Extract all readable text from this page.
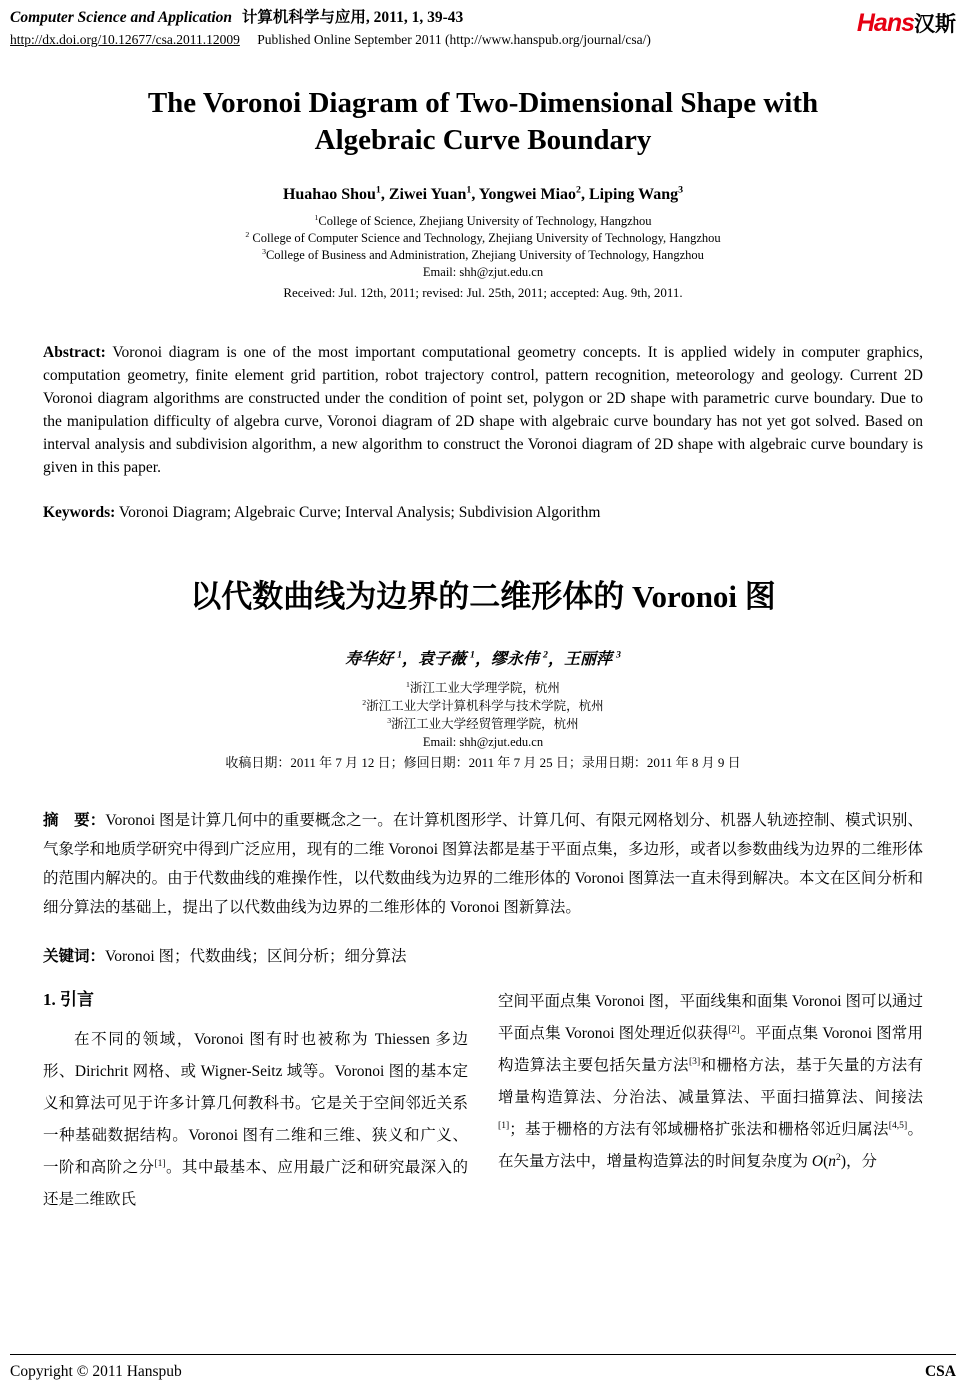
Computer Science and Application 计算机科学与应用, 2011, 1, 39-43
http://dx.doi.org/10.12677/csa.2011.12009 Published Online September 2011 (http://www.hanspub.org/journal/csa/)
Hans汉斯
The Voronoi Diagram of Two-Dimensional Shape with
Algebraic Curve Boundary
Huahao Shou$^1$, Ziwei Yuan$^1$, Yongwei Miao$^2$, Liping Wang$^3$
$^1$College of Science, Zhejiang University of Technology, Hangzhou
$^2$ College of Computer Science and Technology, Zhejiang University of Technology, Hangzhou
$^3$College of Business and Administration, Zhejiang University of Technology, Hangzhou
Email: shh@zjut.edu.cn
Received: Jul. 12th, 2011; revised: Jul. 25th, 2011; accepted: Aug. 9th, 2011.
Abstract: Voronoi diagram is one of the most important computational geometry concepts. It is applied widely in computer graphics, computation geometry, finite element grid partition, robot trajectory control, pattern recognition, meteorology and geology. Current 2D Voronoi diagram algorithms are constructed under the condition of point set, polygon or 2D shape with parametric curve boundary. Due to the manipulation difficulty of algebra curve, Voronoi diagram of 2D shape with algebraic curve boundary has not yet got solved. Based on interval analysis and subdivision algorithm, a new algorithm to construct the Voronoi diagram of 2D shape with algebraic curve boundary is given in this paper.
Keywords: Voronoi Diagram; Algebraic Curve; Interval Analysis; Subdivision Algorithm
以代数曲线为边界的二维形体的 Voronoi 图
寿华好 $^1$，袁子薇 $^1$，缪永伟 $^2$，王丽萍 $^3$
$^1$浙江工业大学理学院，杭州
$^2$浙江工业大学计算机科学与技术学院，杭州
$^3$浙江工业大学经贸管理学院，杭州
Email: shh@zjut.edu.cn
收稿日期：2011 年 7 月 12 日；修回日期：2011 年 7 月 25 日；录用日期：2011 年 8 月 9 日
摘　要：Voronoi 图是计算几何中的重要概念之一。在计算机图形学、计算几何、有限元网格划分、机器人轨迹控制、模式识别、气象学和地质学研究中得到广泛应用，现有的二维 Voronoi 图算法都是基于平面点集，多边形，或者以参数曲线为边界的二维形体的范围内解决的。由于代数曲线的难操作性，以代数曲线为边界的二维形体的 Voronoi 图算法一直未得到解决。本文在区间分析和细分算法的基础上，提出了以代数曲线为边界的二维形体的 Voronoi 图新算法。
关键词：Voronoi 图；代数曲线；区间分析；细分算法
1. 引言

在不同的领域，Voronoi 图有时也被称为 Thiessen 多边形、Dirichrit 网格、或 Wigner-Seitz 域等。Voronoi 图的基本定义和算法可见于许多计算几何教科书。它是关于空间邻近关系一种基础数据结构。Voronoi 图有二维和三维、狭义和广义、一阶和高阶之分[1]。其中最基本、应用最广泛和研究最深入的还是二维欧氏

空间平面点集 Voronoi 图，平面线集和面集 Voronoi 图可以通过平面点集 Voronoi 图处理近似获得[2]。平面点集 Voronoi 图常用构造算法主要包括矢量方法[3]和栅格方法，基于矢量的方法有增量构造算法、分治法、减量算法、平面扫描算法、间接法[1]；基于栅格的方法有邻域栅格扩张法和栅格邻近归属法[4,5]。在矢量方法中，增量构造算法的时间复杂度为 $O(n^2)$，分

Copyright © 2011 Hanspub	CSA
